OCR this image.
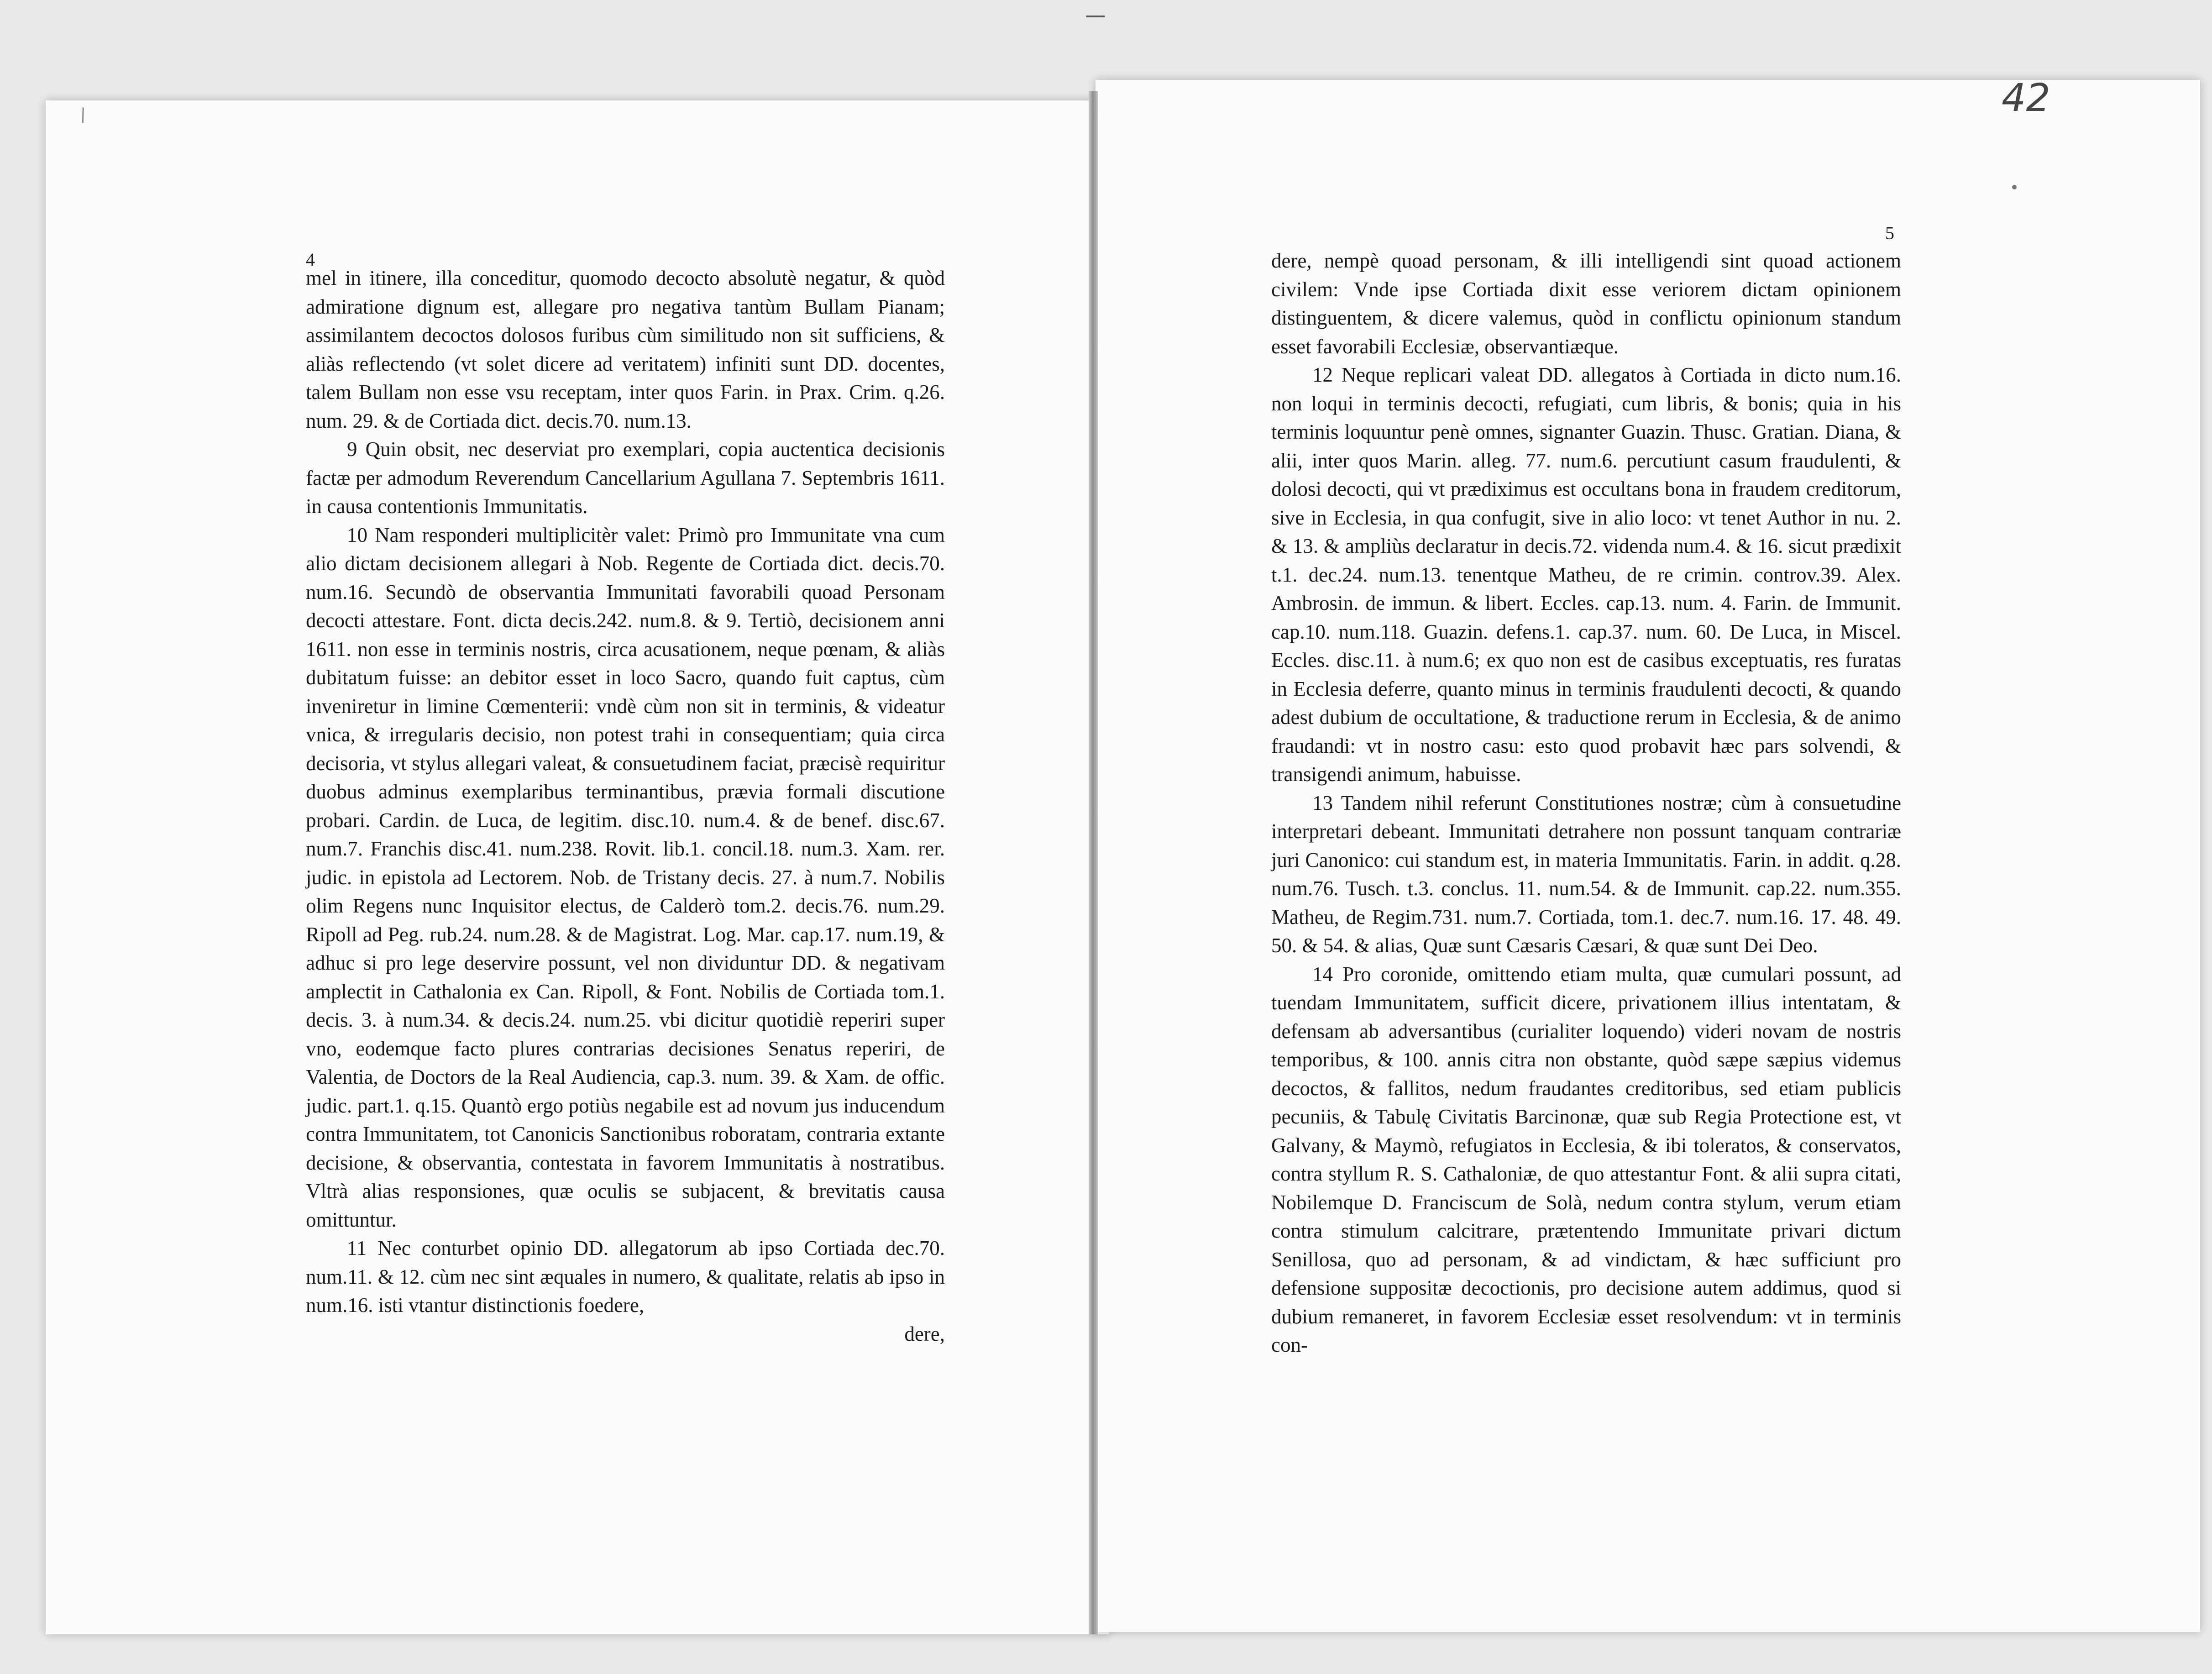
\	42
4
5

mel in itinere, illa conceditur, quomodo decocto absolutè negatur, & quòd admiratione dignum est, allegare pro negativa tantùm Bullam Pianam; assimilantem decoctos dolosos furibus cùm similitudo non sit sufficiens, & aliàs reflectendo (vt solet dicere ad veritatem) infiniti sunt DD. docentes, talem Bullam non esse vsu receptam, inter quos Farin. in Prax. Crim. q.26. num. 29. & de Cortiada dict. decis.70. num.13.

9 Quin obsit, nec deserviat pro exemplari, copia auctentica decisionis factæ per admodum Reverendum Cancellarium Agullana 7. Septembris 1611. in causa contentionis Immunitatis.

10 Nam responderi multiplicitèr valet: Primò pro Immunitate vna cum alio dictam decisionem allegari à Nob. Regente de Cortiada dict. decis.70. num.16. Secundò de observantia Immunitati favorabili quoad Personam decocti attestare. Font. dicta decis.242. num.8. & 9. Tertiò, decisionem anni 1611. non esse in terminis nostris, circa acusationem, neque pœnam, & aliàs dubitatum fuisse: an debitor esset in loco Sacro, quando fuit captus, cùm inveniretur in limine Cœmenterii: vndè cùm non sit in terminis, & videatur vnica, & irregularis decisio, non potest trahi in consequentiam; quia circa decisoria, vt stylus allegari valeat, & consuetudinem faciat, præcisè requiritur duobus adminus exemplaribus terminantibus, prævia formali discutione probari. Cardin. de Luca, de legitim. disc.10. num.4. & de benef. disc.67. num.7. Franchis disc.41. num.238. Rovit. lib.1. concil.18. num.3. Xam. rer. judic. in epistola ad Lectorem. Nob. de Tristany decis. 27. à num.7. Nobilis olim Regens nunc Inquisitor electus, de Calderò tom.2. decis.76. num.29. Ripoll ad Peg. rub.24. num.28. & de Magistrat. Log. Mar. cap.17. num.19, & adhuc si pro lege deservire possunt, vel non dividuntur DD. & negativam amplectit in Cathalonia ex Can. Ripoll, & Font. Nobilis de Cortiada tom.1. decis. 3. à num.34. & decis.24. num.25. vbi dicitur quotidiè reperiri super vno, eodemque facto plures contrarias decisiones Senatus reperiri, de Valentia, de Doctors de la Real Audiencia, cap.3. num. 39. & Xam. de offic. judic. part.1. q.15. Quantò ergo potiùs negabile est ad novum jus inducendum contra Immunitatem, tot Canonicis Sanctionibus roboratam, contraria extante decisione, & observantia, contestata in favorem Immunitatis à nostratibus. Vltrà alias responsiones, quæ oculis se subjacent, & brevitatis causa omittuntur.

11 Nec conturbet opinio DD. allegatorum ab ipso Cortiada dec.70. num.11. & 12. cùm nec sint æquales in numero, & qualitate, relatis ab ipso in num.16. isti vtantur distinctionis foedere,

dere,

dere, nempè quoad personam, & illi intelligendi sint quoad actionem civilem: Vnde ipse Cortiada dixit esse veriorem dictam opinionem distinguentem, & dicere valemus, quòd in conflictu opinionum standum esset favorabili Ecclesiæ, observantiæque.

12 Neque replicari valeat DD. allegatos à Cortiada in dicto num.16. non loqui in terminis decocti, refugiati, cum libris, & bonis; quia in his terminis loquuntur penè omnes, signanter Guazin. Thusc. Gratian. Diana, & alii, inter quos Marin. alleg. 77. num.6. percutiunt casum fraudulenti, & dolosi decocti, qui vt prædiximus est occultans bona in fraudem creditorum, sive in Ecclesia, in qua confugit, sive in alio loco: vt tenet Author in nu. 2. & 13. & ampliùs declaratur in decis.72. videnda num.4. & 16. sicut prædixit t.1. dec.24. num.13. tenentque Matheu, de re crimin. controv.39. Alex. Ambrosin. de immun. & libert. Eccles. cap.13. num. 4. Farin. de Immunit. cap.10. num.118. Guazin. defens.1. cap.37. num. 60. De Luca, in Miscel. Eccles. disc.11. à num.6; ex quo non est de casibus exceptuatis, res furatas in Ecclesia deferre, quanto minus in terminis fraudulenti decocti, & quando adest dubium de occultatione, & traductione rerum in Ecclesia, & de animo fraudandi: vt in nostro casu: esto quod probavit hæc pars solvendi, & transigendi animum, habuisse.

13 Tandem nihil referunt Constitutiones nostræ; cùm à consuetudine interpretari debeant. Immunitati detrahere non possunt tanquam contrariæ juri Canonico: cui standum est, in materia Immunitatis. Farin. in addit. q.28. num.76. Tusch. t.3. conclus. 11. num.54. & de Immunit. cap.22. num.355. Matheu, de Regim.731. num.7. Cortiada, tom.1. dec.7. num.16. 17. 48. 49. 50. & 54. & alias, Quæ sunt Cæsaris Cæsari, & quæ sunt Dei Deo.

14 Pro coronide, omittendo etiam multa, quæ cumulari possunt, ad tuendam Immunitatem, sufficit dicere, privationem illius intentatam, & defensam ab adversantibus (curialiter loquendo) videri novam de nostris temporibus, & 100. annis citra non obstante, quòd sæpe sæpius videmus decoctos, & fallitos, nedum fraudantes creditoribus, sed etiam publicis pecuniis, & Tabulę Civitatis Barcinonæ, quæ sub Regia Protectione est, vt Galvany, & Maymò, refugiatos in Ecclesia, & ibi toleratos, & conservatos, contra styllum R. S. Cathaloniæ, de quo attestantur Font. & alii supra citati, Nobilemque D. Franciscum de Solà, nedum contra stylum, verum etiam contra stimulum calcitrare, prætentendo Immunitate privari dictum Senillosa, quo ad personam, & ad vindictam, & hæc sufficiunt pro defensione suppositæ decoctionis, pro decisione autem addimus, quod si dubium remaneret, in favorem Ecclesiæ esset resolvendum: vt in terminis con-
